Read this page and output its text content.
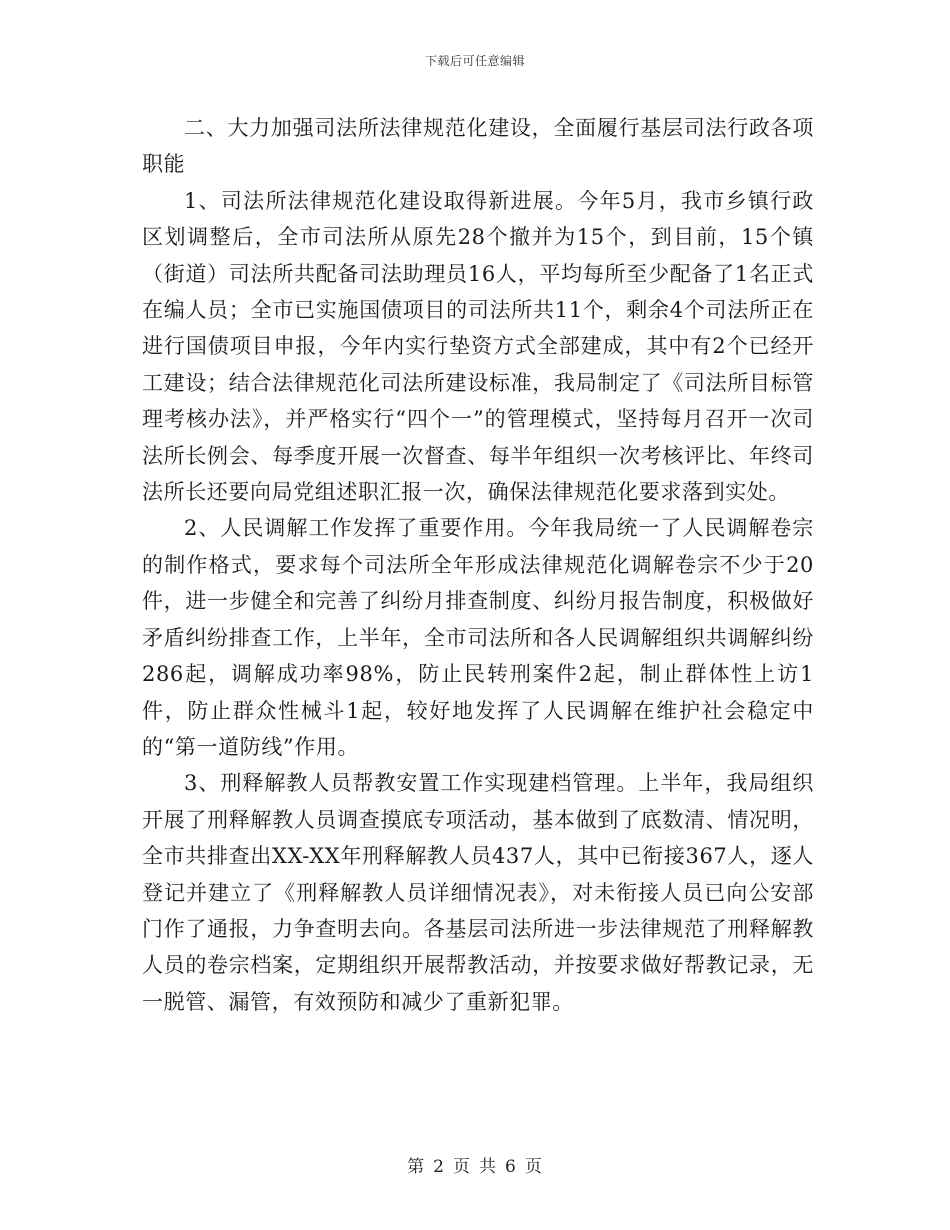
下载后可任意编辑

二、大力加强司法所法律规范化建设，全面履行基层司法行政各项职能

1、司法所法律规范化建设取得新进展。今年5月，我市乡镇行政区划调整后，全市司法所从原先28个撤并为15个，到目前，15个镇（街道）司法所共配备司法助理员16人，平均每所至少配备了1名正式在编人员；全市已实施国债项目的司法所共11个，剩余4个司法所正在进行国债项目申报，今年内实行垫资方式全部建成，其中有2个已经开工建设；结合法律规范化司法所建设标准，我局制定了《司法所目标管理考核办法》，并严格实行“四个一”的管理模式，坚持每月召开一次司法所长例会、每季度开展一次督查、每半年组织一次考核评比、年终司法所长还要向局党组述职汇报一次，确保法律规范化要求落到实处。

2、人民调解工作发挥了重要作用。今年我局统一了人民调解卷宗的制作格式，要求每个司法所全年形成法律规范化调解卷宗不少于20件，进一步健全和完善了纠纷月排查制度、纠纷月报告制度，积极做好矛盾纠纷排查工作，上半年，全市司法所和各人民调解组织共调解纠纷286起，调解成功率98%，防止民转刑案件2起，制止群体性上访1件，防止群众性械斗1起，较好地发挥了人民调解在维护社会稳定中的“第一道防线”作用。

3、刑释解教人员帮教安置工作实现建档管理。上半年，我局组织开展了刑释解教人员调查摸底专项活动，基本做到了底数清、情况明，全市共排查出XX-XX年刑释解教人员437人，其中已衔接367人，逐人登记并建立了《刑释解教人员详细情况表》，对未衔接人员已向公安部门作了通报，力争查明去向。各基层司法所进一步法律规范了刑释解教人员的卷宗档案，定期组织开展帮教活动，并按要求做好帮教记录，无一脱管、漏管，有效预防和减少了重新犯罪。

第 2 页 共 6 页
